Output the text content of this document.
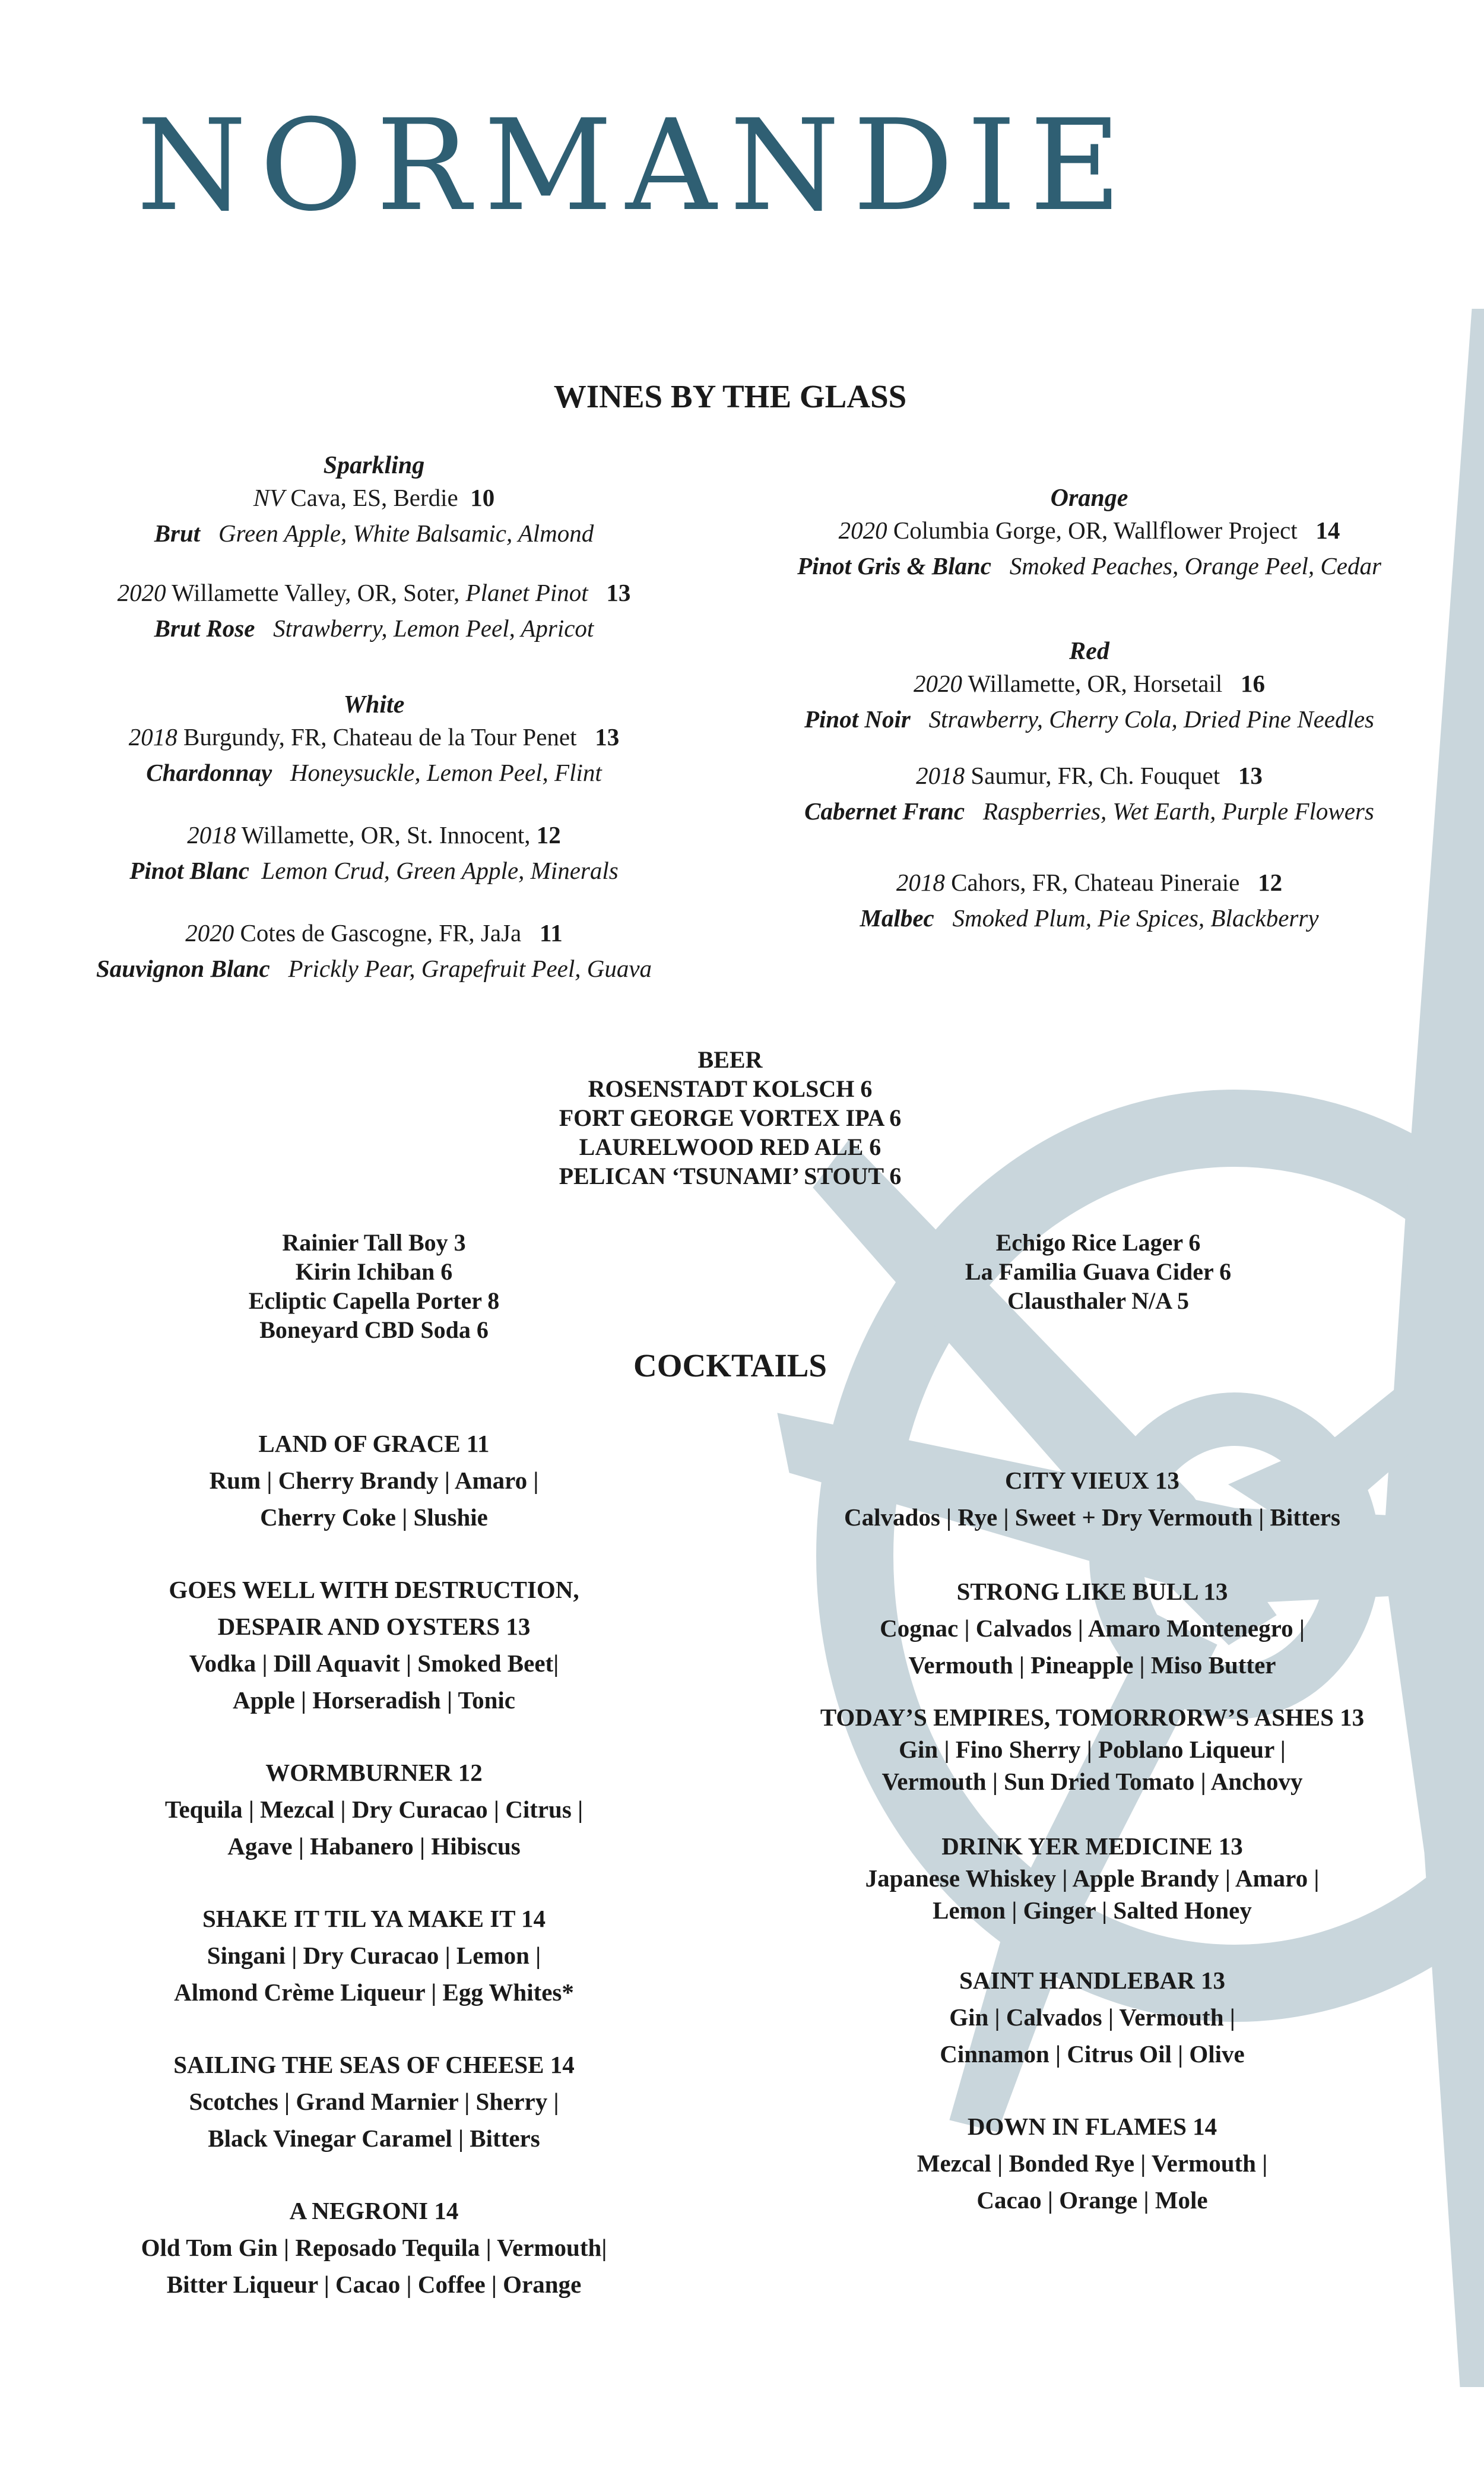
NORMANDIE
WINES BY THE GLASS
Sparkling
NV Cava, ES, Berdie 10
Brut Green Apple, White Balsamic, Almond
2020 Willamette Valley, OR, Soter, Planet Pinot 13
Brut Rose Strawberry, Lemon Peel, Apricot
White
2018 Burgundy, FR, Chateau de la Tour Penet 13
Chardonnay Honeysuckle, Lemon Peel, Flint
2018 Willamette, OR, St. Innocent, 12
Pinot Blanc Lemon Crud, Green Apple, Minerals
2020 Cotes de Gascogne, FR, JaJa 11
Sauvignon Blanc Prickly Pear, Grapefruit Peel, Guava
Orange
2020 Columbia Gorge, OR, Wallflower Project 14
Pinot Gris & Blanc Smoked Peaches, Orange Peel, Cedar
Red
2020 Willamette, OR, Horsetail 16
Pinot Noir Strawberry, Cherry Cola, Dried Pine Needles
2018 Saumur, FR, Ch. Fouquet 13
Cabernet Franc Raspberries, Wet Earth, Purple Flowers
2018 Cahors, FR, Chateau Pineraie 12
Malbec Smoked Plum, Pie Spices, Blackberry
BEER
ROSENSTADT KOLSCH 6
FORT GEORGE VORTEX IPA 6
LAURELWOOD RED ALE 6
PELICAN ‘TSUNAMI’ STOUT 6
Rainier Tall Boy 3
Kirin Ichiban 6
Ecliptic Capella Porter 8
Boneyard CBD Soda 6
Echigo Rice Lager 6
La Familia Guava Cider 6
Clausthaler N/A 5
COCKTAILS
LAND OF GRACE 11
Rum | Cherry Brandy | Amaro |
Cherry Coke | Slushie
GOES WELL WITH DESTRUCTION,
DESPAIR AND OYSTERS 13
Vodka | Dill Aquavit | Smoked Beet|
Apple | Horseradish | Tonic
WORMBURNER 12
Tequila | Mezcal | Dry Curacao | Citrus |
Agave | Habanero | Hibiscus
SHAKE IT TIL YA MAKE IT 14
Singani | Dry Curacao | Lemon |
Almond Crème Liqueur | Egg Whites*
SAILING THE SEAS OF CHEESE 14
Scotches | Grand Marnier | Sherry |
Black Vinegar Caramel | Bitters
A NEGRONI 14
Old Tom Gin | Reposado Tequila | Vermouth|
Bitter Liqueur | Cacao | Coffee | Orange
CITY VIEUX 13
Calvados | Rye | Sweet + Dry Vermouth | Bitters
STRONG LIKE BULL 13
Cognac | Calvados | Amaro Montenegro |
Vermouth | Pineapple | Miso Butter
TODAY’S EMPIRES, TOMORRORW’S ASHES 13
Gin | Fino Sherry | Poblano Liqueur |
Vermouth | Sun Dried Tomato | Anchovy
DRINK YER MEDICINE 13
Japanese Whiskey | Apple Brandy | Amaro |
Lemon | Ginger | Salted Honey
SAINT HANDLEBAR 13
Gin | Calvados | Vermouth |
Cinnamon | Citrus Oil | Olive
DOWN IN FLAMES 14
Mezcal | Bonded Rye | Vermouth |
Cacao | Orange | Mole
